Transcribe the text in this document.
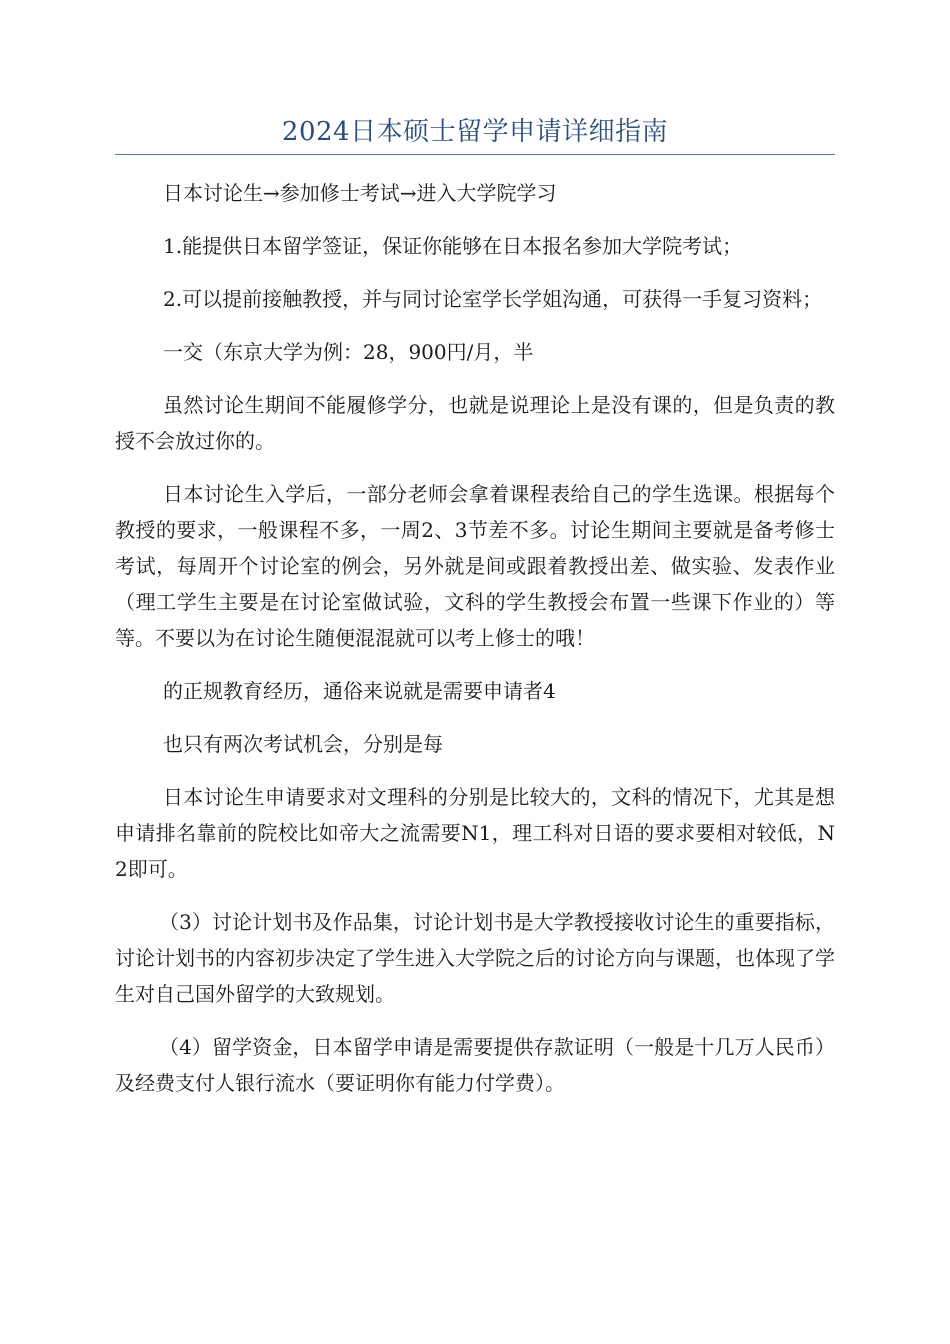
2024日本硕士留学申请详细指南

日本讨论生→参加修士考试→进入大学院学习

1.能提供日本留学签证，保证你能够在日本报名参加大学院考试；

2.可以提前接触教授，并与同讨论室学长学姐沟通，可获得一手复习资料；

一交（东京大学为例：28，900円/月，半

虽然讨论生期间不能履修学分，也就是说理论上是没有课的，但是负责的教授不会放过你的。

日本讨论生入学后，一部分老师会拿着课程表给自己的学生选课。根据每个教授的要求，一般课程不多，一周2、3节差不多。讨论生期间主要就是备考修士考试，每周开个讨论室的例会，另外就是间或跟着教授出差、做实验、发表作业（理工学生主要是在讨论室做试验，文科的学生教授会布置一些课下作业的）等等。不要以为在讨论生随便混混就可以考上修士的哦！

的正规教育经历，通俗来说就是需要申请者4

也只有两次考试机会，分别是每

日本讨论生申请要求对文理科的分别是比较大的，文科的情况下，尤其是想申请排名靠前的院校比如帝大之流需要N1，理工科对日语的要求要相对较低，N2即可。

（3）讨论计划书及作品集，讨论计划书是大学教授接收讨论生的重要指标，讨论计划书的内容初步决定了学生进入大学院之后的讨论方向与课题，也体现了学生对自己国外留学的大致规划。

（4）留学资金，日本留学申请是需要提供存款证明（一般是十几万人民币）及经费支付人银行流水（要证明你有能力付学费）。
